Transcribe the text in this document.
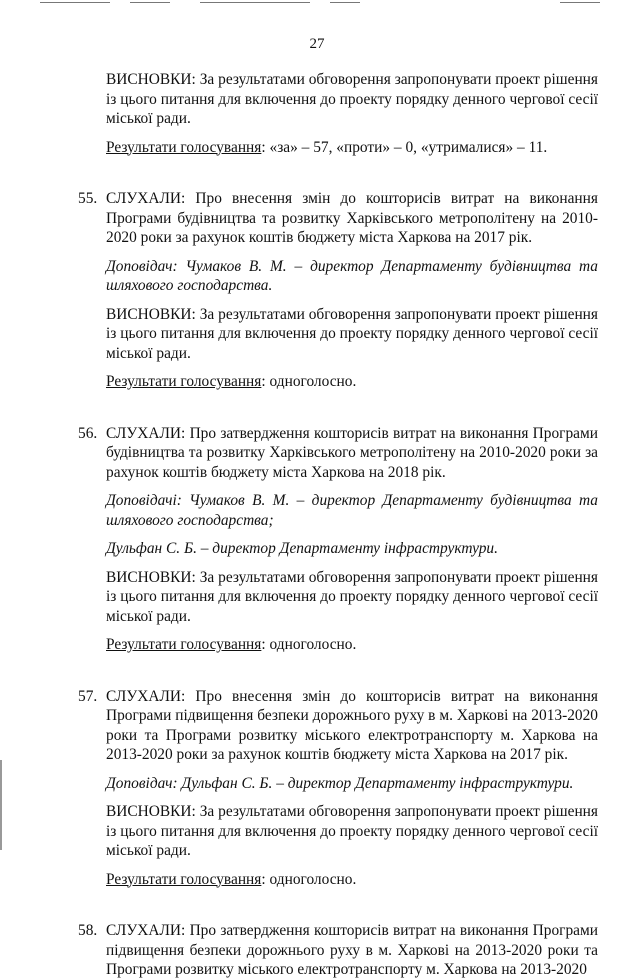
27

ВИСНОВКИ: За результатами обговорення запропонувати проект рішення із цього питання для включення до проекту порядку денного чергової сесії міської ради.

Результати голосування: «за» – 57, «проти» – 0, «утрималися» – 11.

55. СЛУХАЛИ: Про внесення змін до кошторисів витрат на виконання Програми будівництва та розвитку Харківського метрополітену на 2010-2020 роки за рахунок коштів бюджету міста Харкова на 2017 рік.

Доповідач: Чумаков В. М. – директор Департаменту будівництва та шляхового господарства.

ВИСНОВКИ: За результатами обговорення запропонувати проект рішення із цього питання для включення до проекту порядку денного чергової сесії міської ради.

Результати голосування: одноголосно.

56. СЛУХАЛИ: Про затвердження кошторисів витрат на виконання Програми будівництва та розвитку Харківського метрополітену на 2010-2020 роки за рахунок коштів бюджету міста Харкова на 2018 рік.

Доповідачі: Чумаков В. М. – директор Департаменту будівництва та шляхового господарства;

Дульфан С. Б. – директор Департаменту інфраструктури.

ВИСНОВКИ: За результатами обговорення запропонувати проект рішення із цього питання для включення до проекту порядку денного чергової сесії міської ради.

Результати голосування: одноголосно.

57. СЛУХАЛИ: Про внесення змін до кошторисів витрат на виконання Програми підвищення безпеки дорожнього руху в м. Харкові на 2013-2020 роки та Програми розвитку міського електротранспорту м. Харкова на 2013-2020 роки за рахунок коштів бюджету міста Харкова на 2017 рік.

Доповідач: Дульфан С. Б. – директор Департаменту інфраструктури.

ВИСНОВКИ: За результатами обговорення запропонувати проект рішення із цього питання для включення до проекту порядку денного чергової сесії міської ради.

Результати голосування: одноголосно.

58. СЛУХАЛИ: Про затвердження кошторисів витрат на виконання Програми підвищення безпеки дорожнього руху в м. Харкові на 2013-2020 роки та Програми розвитку міського електротранспорту м. Харкова на 2013-2020
